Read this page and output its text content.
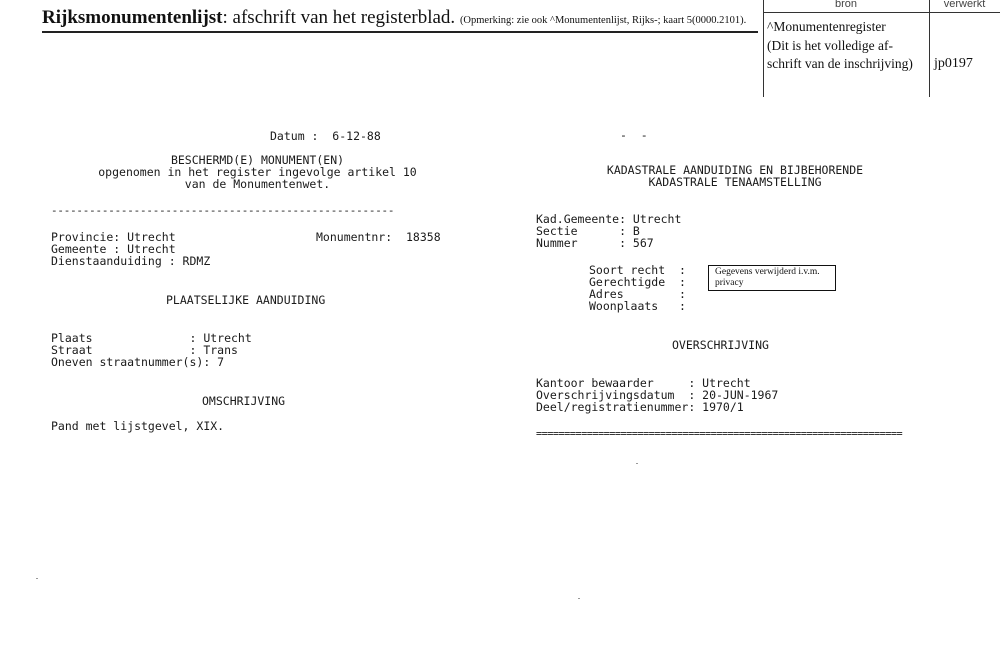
Rijksmonumentenlijst: afschrift van het registerblad. (Opmerking: zie ook ^Monumentenlijst, Rijks-; kaart 5(0000.2101).
bron	verwerkt
^Monumentenregister
(Dit is het volledige af-
schrift van de inschrijving) jp0197
Datum :  6-12-88
BESCHERMD(E) MONUMENT(EN)
opgenomen in het register ingevolge artikel 10
van de Monumentenwet.
------------------------------------------------------
Provincie: Utrecht	Monumentnr:  18358
Gemeente : Utrecht
Dienstaanduiding : RDMZ
PLAATSELIJKE AANDUIDING
Plaats              : Utrecht
Straat              : Trans
Oneven straatnummer(s): 7
OMSCHRIJVING
Pand met lijstgevel, XIX.
-  -
KADASTRALE AANDUIDING EN BIJBEHORENDE
KADASTRALE TENAAMSTELLING
Kad.Gemeente: Utrecht
Sectie      : B
Nummer      : 567
Soort recht  :
Gerechtigde  :
Adres        :
Woonplaats   :
Gegevens verwijderd i.v.m. privacy
OVERSCHRIJVING
Kantoor bewaarder     : Utrecht
Overschrijvingsdatum  : 20-JUN-1967
Deel/registratienummer: 1970/1
=================================================================
